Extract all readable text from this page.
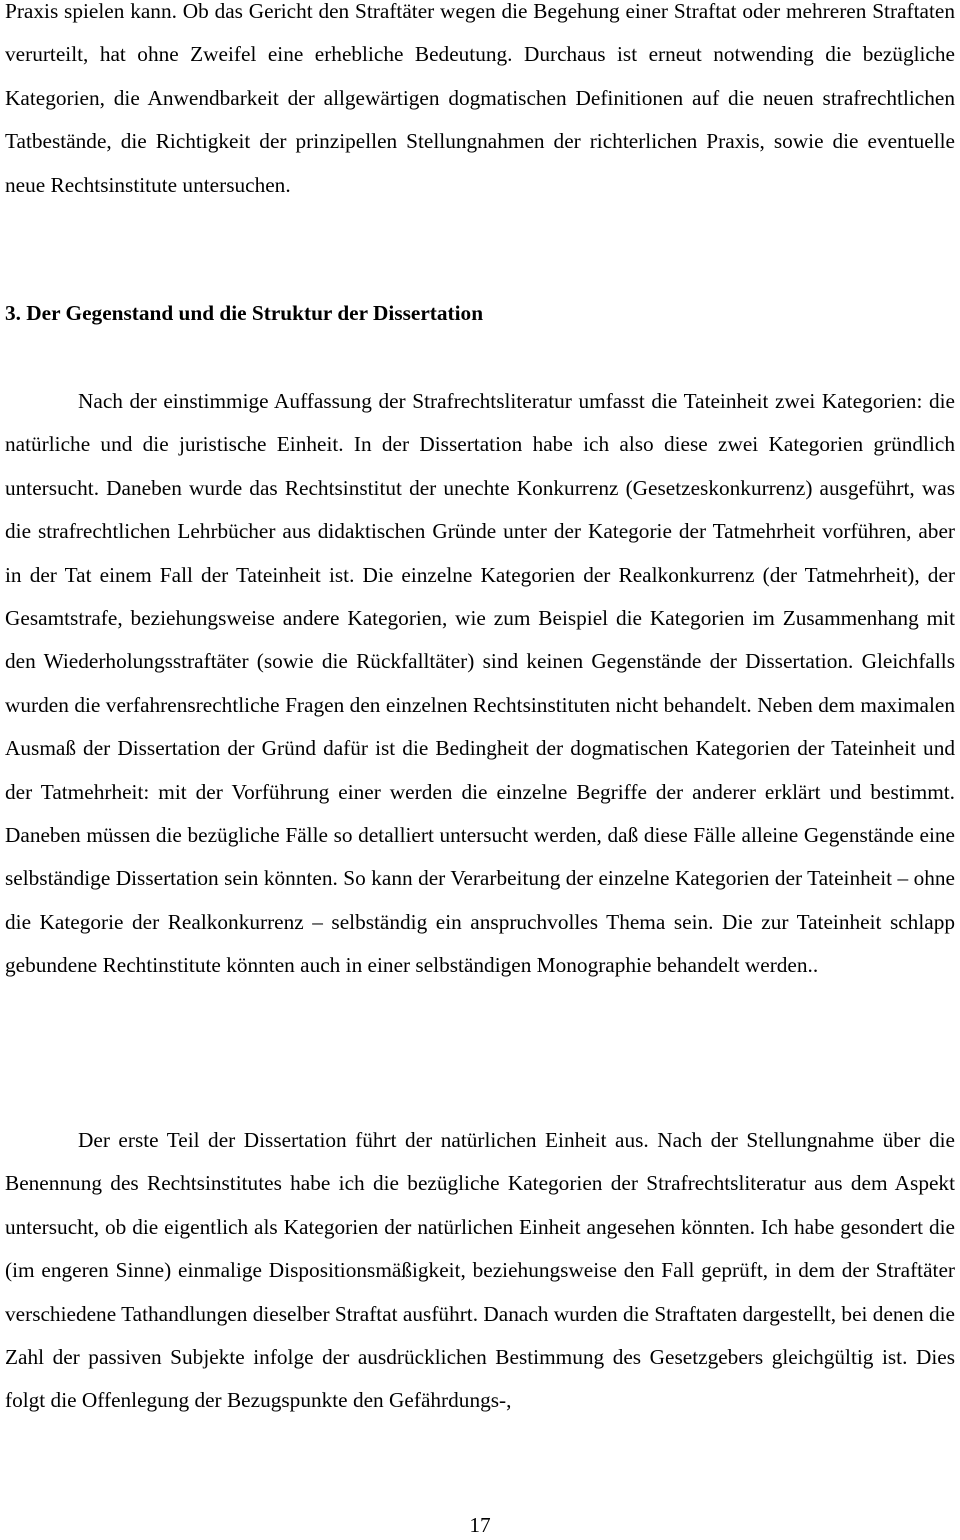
Praxis spielen kann. Ob das Gericht den Straftäter wegen die Begehung einer Straftat oder mehreren Straftaten verurteilt, hat ohne Zweifel eine erhebliche Bedeutung. Durchaus ist erneut notwending die bezügliche Kategorien, die Anwendbarkeit der allgewärtigen dogmatischen Definitionen auf die neuen strafrechtlichen Tatbestände, die Richtigkeit der prinzipellen Stellungnahmen der richterlichen Praxis, sowie die eventuelle neue Rechtsinstitute untersuchen.

3. Der Gegenstand und die Struktur der Dissertation

Nach der einstimmige Auffassung der Strafrechtsliteratur umfasst die Tateinheit zwei Kategorien: die natürliche und die juristische Einheit. In der Dissertation habe ich also diese zwei Kategorien gründlich untersucht. Daneben wurde das Rechtsinstitut der unechte Konkurrenz (Gesetzeskonkurrenz) ausgeführt, was die strafrechtlichen Lehrbücher aus didaktischen Gründe unter der Kategorie der Tatmehrheit vorführen, aber in der Tat einem Fall der Tateinheit ist. Die einzelne Kategorien der Realkonkurrenz (der Tatmehrheit), der Gesamtstrafe, beziehungsweise andere Kategorien, wie zum Beispiel die Kategorien im Zusammenhang mit den Wiederholungsstraftäter (sowie die Rückfalltäter) sind keinen Gegenstände der Dissertation. Gleichfalls wurden die verfahrensrechtliche Fragen den einzelnen Rechtsinstituten nicht behandelt. Neben dem maximalen Ausmaß der Dissertation der Gründ dafür ist die Bedingheit der dogmatischen Kategorien der Tateinheit und der Tatmehrheit: mit der Vorführung einer werden die einzelne Begriffe der anderer erklärt und bestimmt. Daneben müssen die bezügliche Fälle so detalliert untersucht werden, daß diese Fälle alleine Gegenstände eine selbständige Dissertation sein könnten. So kann der Verarbeitung der einzelne Kategorien der Tateinheit – ohne die Kategorie der Realkonkurrenz – selbständig ein anspruchvolles Thema sein. Die zur Tateinheit schlapp gebundene Rechtinstitute könnten auch in einer selbständigen Monographie behandelt werden..

Der erste Teil der Dissertation führt der natürlichen Einheit aus. Nach der Stellungnahme über die Benennung des Rechtsinstitutes habe ich die bezügliche Kategorien der Strafrechtsliteratur aus dem Aspekt untersucht, ob die eigentlich als Kategorien der natürlichen Einheit angesehen könnten. Ich habe gesondert die (im engeren Sinne) einmalige Dispositionsmäßigkeit, beziehungsweise den Fall geprüft, in dem der Straftäter verschiedene Tathandlungen dieselber Straftat ausführt. Danach wurden die Straftaten dargestellt, bei denen die Zahl der passiven Subjekte infolge der ausdrücklichen Bestimmung des Gesetzgebers gleichgültig ist. Dies folgt die Offenlegung der Bezugspunkte den Gefährdungs-,

17
